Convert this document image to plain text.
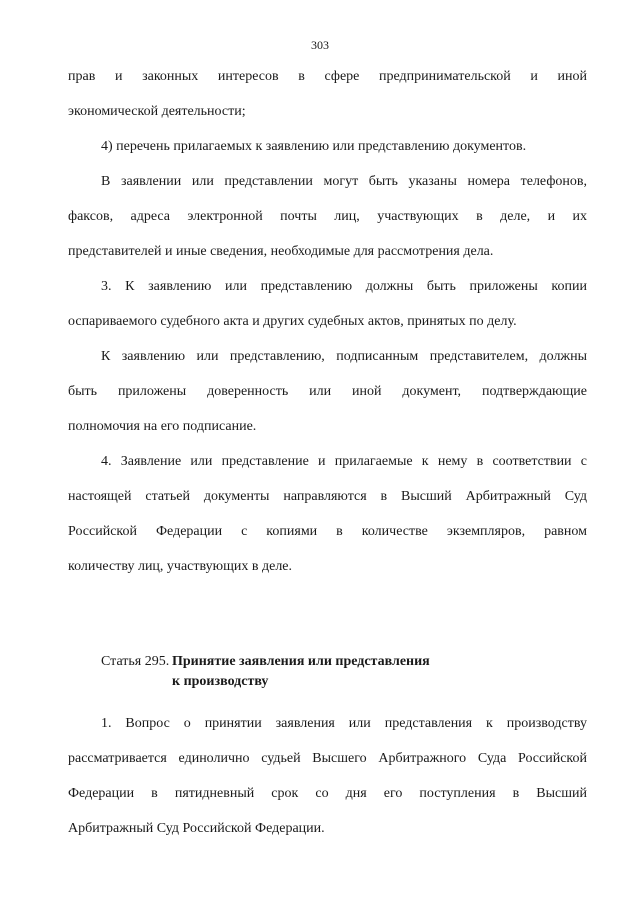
303
прав и законных интересов в сфере предпринимательской и иной
экономической деятельности;
4) перечень прилагаемых к заявлению или представлению документов.
В заявлении или представлении могут быть указаны номера телефонов,
факсов, адреса электронной почты лиц, участвующих в деле, и их
представителей и иные сведения, необходимые для рассмотрения дела.
3. К заявлению или представлению должны быть приложены копии
оспариваемого судебного акта и других судебных актов, принятых по делу.
К заявлению или представлению, подписанным представителем, должны
быть приложены доверенность или иной документ, подтверждающие
полномочия на его подписание.
4. Заявление или представление и прилагаемые к нему в соответствии с
настоящей статьей документы направляются в Высший Арбитражный Суд
Российской Федерации с копиями в количестве экземпляров, равном
количеству лиц, участвующих в деле.
Статья 295. Принятие заявления или представления
к производству
1. Вопрос о принятии заявления или представления к производству
рассматривается единолично судьей Высшего Арбитражного Суда Российской
Федерации в пятидневный срок со дня его поступления в Высший
Арбитражный Суд Российской Федерации.
